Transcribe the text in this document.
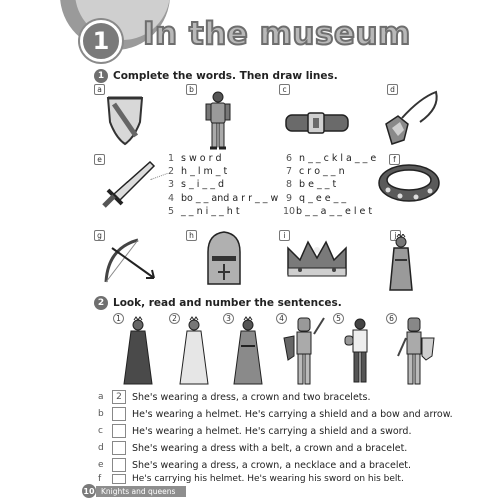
1	In the museum
1 Complete the words. Then draw lines.
a	b	c	d
e	1 s w o r d
2 h _ l m _ t
3 s _ i _ _ d
4 bo _ _ and a r r _ _ w
5 _ _ n i _ _ h t
6 n _ _ c k l a _ _ e
7 c r o _ _ n
8 b e _ _ t
9 q _ e e _ _
10 b _ _ a _ _ e l e t
f
g	h	i	j
2 Look, read and number the sentences.
1	2	3	4	5	6
a	2	She's wearing a dress, a crown and two bracelets.
b	He's wearing a helmet. He's carrying a shield and a bow and arrow.
c	He's wearing a helmet. He's carrying a shield and a sword.
d	She's wearing a dress with a belt, a crown and a bracelet.
e	She's wearing a dress, a crown, a necklace and a bracelet.
f	He's carrying his helmet. He's wearing his sword on his belt.
10 Knights and queens
